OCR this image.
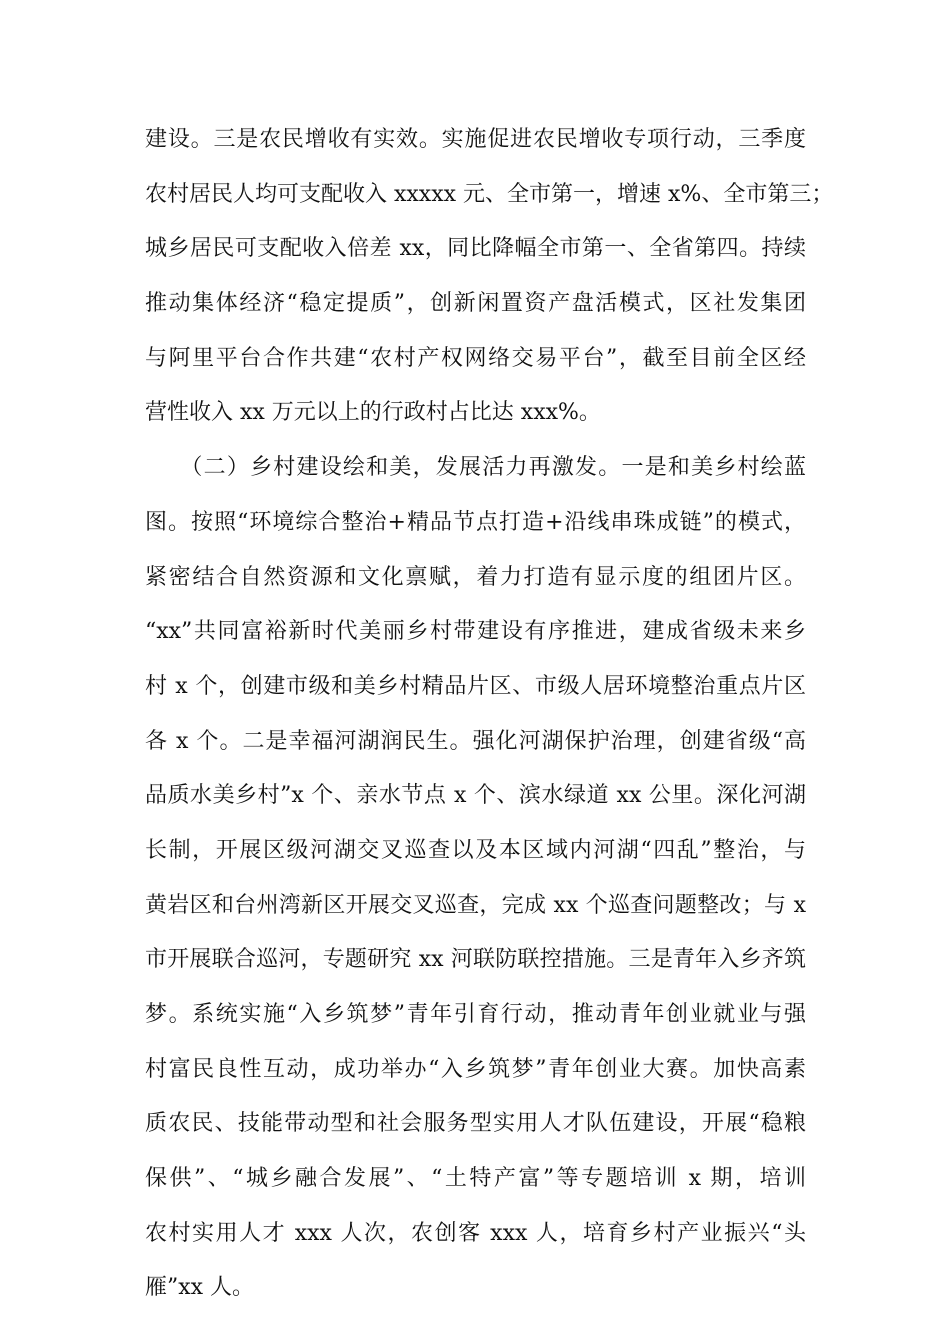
建设。三是农民增收有实效。实施促进农民增收专项行动，三季度
农村居民人均可支配收入 xxxxx 元、全市第一，增速 x%、全市第三；
城乡居民可支配收入倍差 xx，同比降幅全市第一、全省第四。持续
推动集体经济“稳定提质”，创新闲置资产盘活模式，区社发集团
与阿里平台合作共建“农村产权网络交易平台”，截至目前全区经
营性收入 xx 万元以上的行政村占比达 xxx%。
　　（二）乡村建设绘和美，发展活力再激发。一是和美乡村绘蓝
图。按照“环境综合整治+精品节点打造+沿线串珠成链”的模式，
紧密结合自然资源和文化禀赋，着力打造有显示度的组团片区。
“xx”共同富裕新时代美丽乡村带建设有序推进，建成省级未来乡
村 x 个，创建市级和美乡村精品片区、市级人居环境整治重点片区
各 x 个。二是幸福河湖润民生。强化河湖保护治理，创建省级“高
品质水美乡村”x 个、亲水节点 x 个、滨水绿道 xx 公里。深化河湖
长制，开展区级河湖交叉巡查以及本区域内河湖“四乱”整治，与
黄岩区和台州湾新区开展交叉巡查，完成 xx 个巡查问题整改；与 x
市开展联合巡河，专题研究 xx 河联防联控措施。三是青年入乡齐筑
梦。系统实施“入乡筑梦”青年引育行动，推动青年创业就业与强
村富民良性互动，成功举办“入乡筑梦”青年创业大赛。加快高素
质农民、技能带动型和社会服务型实用人才队伍建设，开展“稳粮
保供”、“城乡融合发展”、“土特产富”等专题培训 x 期，培训
农村实用人才 xxx 人次，农创客 xxx 人，培育乡村产业振兴“头
雁”xx 人。
